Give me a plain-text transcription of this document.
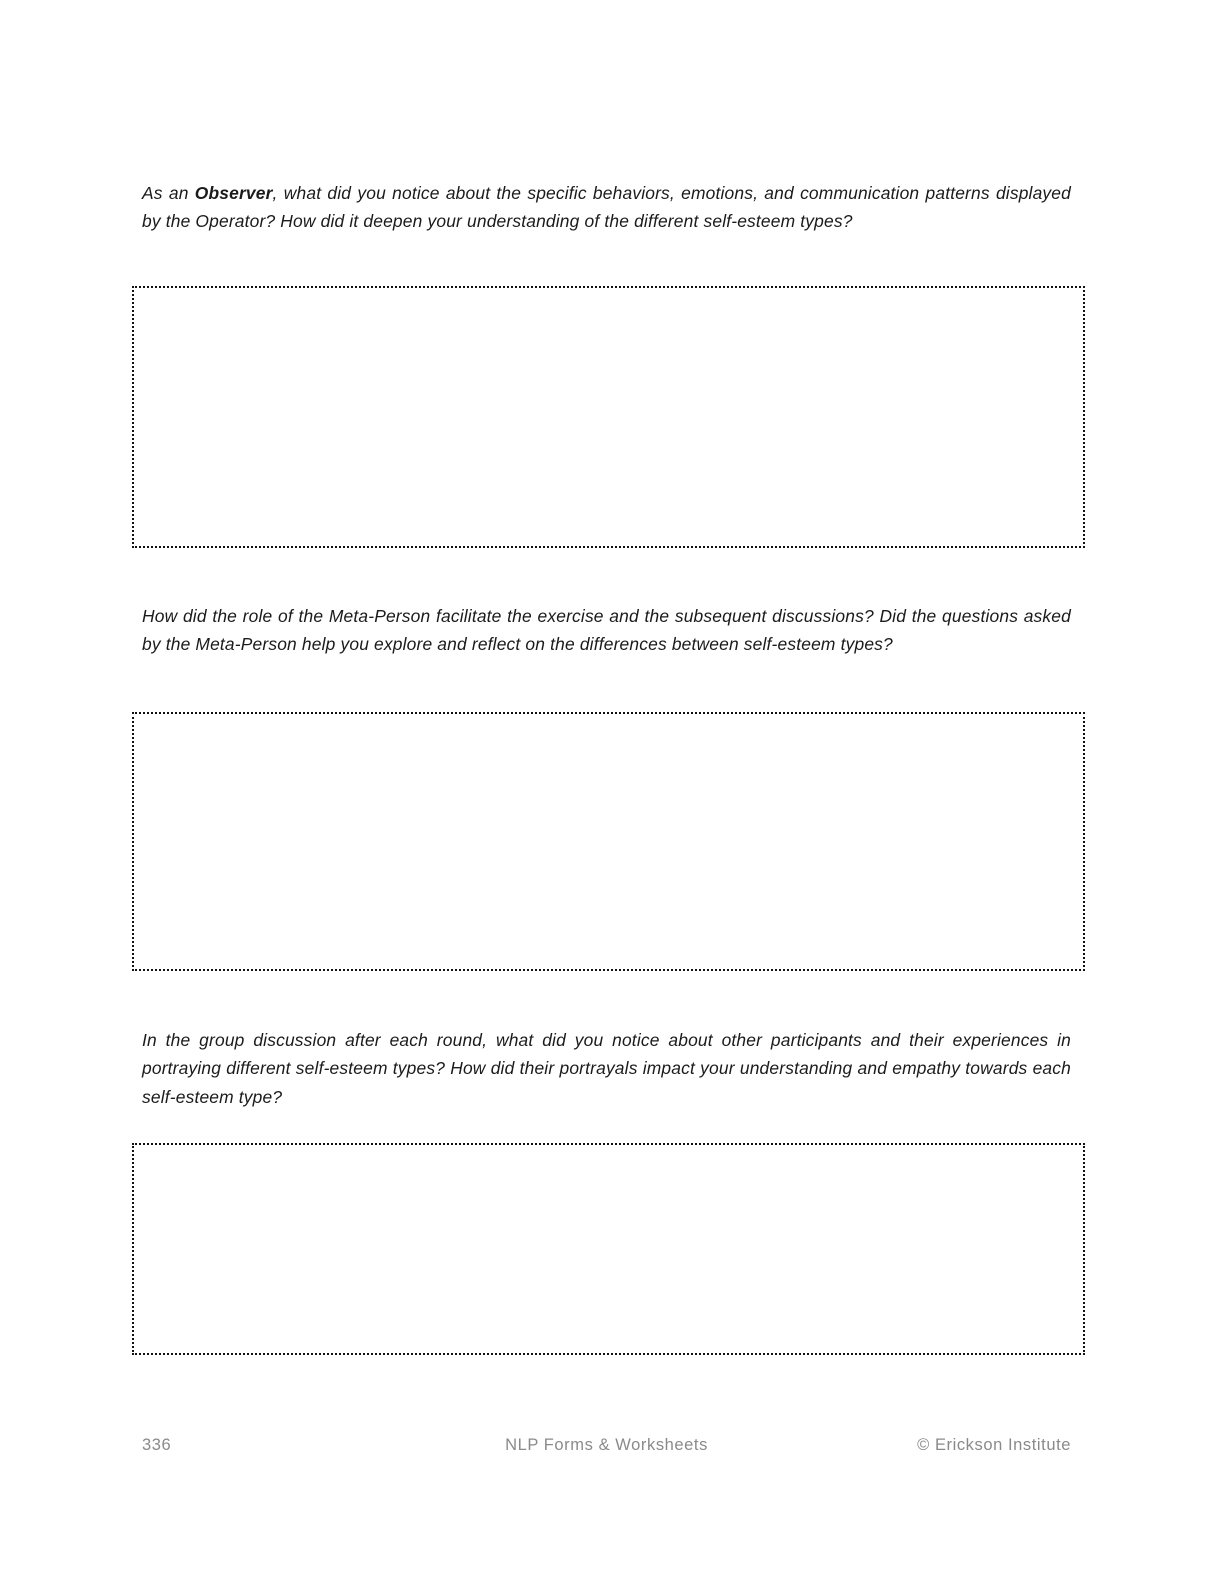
As an Observer, what did you notice about the specific behaviors, emotions, and communication patterns displayed by the Operator? How did it deepen your understanding of the different self-esteem types?

How did the role of the Meta-Person facilitate the exercise and the subsequent discussions? Did the questions asked by the Meta-Person help you explore and reflect on the differences between self-esteem types?

In the group discussion after each round, what did you notice about other participants and their experiences in portraying different self-esteem types? How did their portrayals impact your understanding and empathy towards each self-esteem type?

336	NLP Forms & Worksheets	© Erickson Institute
